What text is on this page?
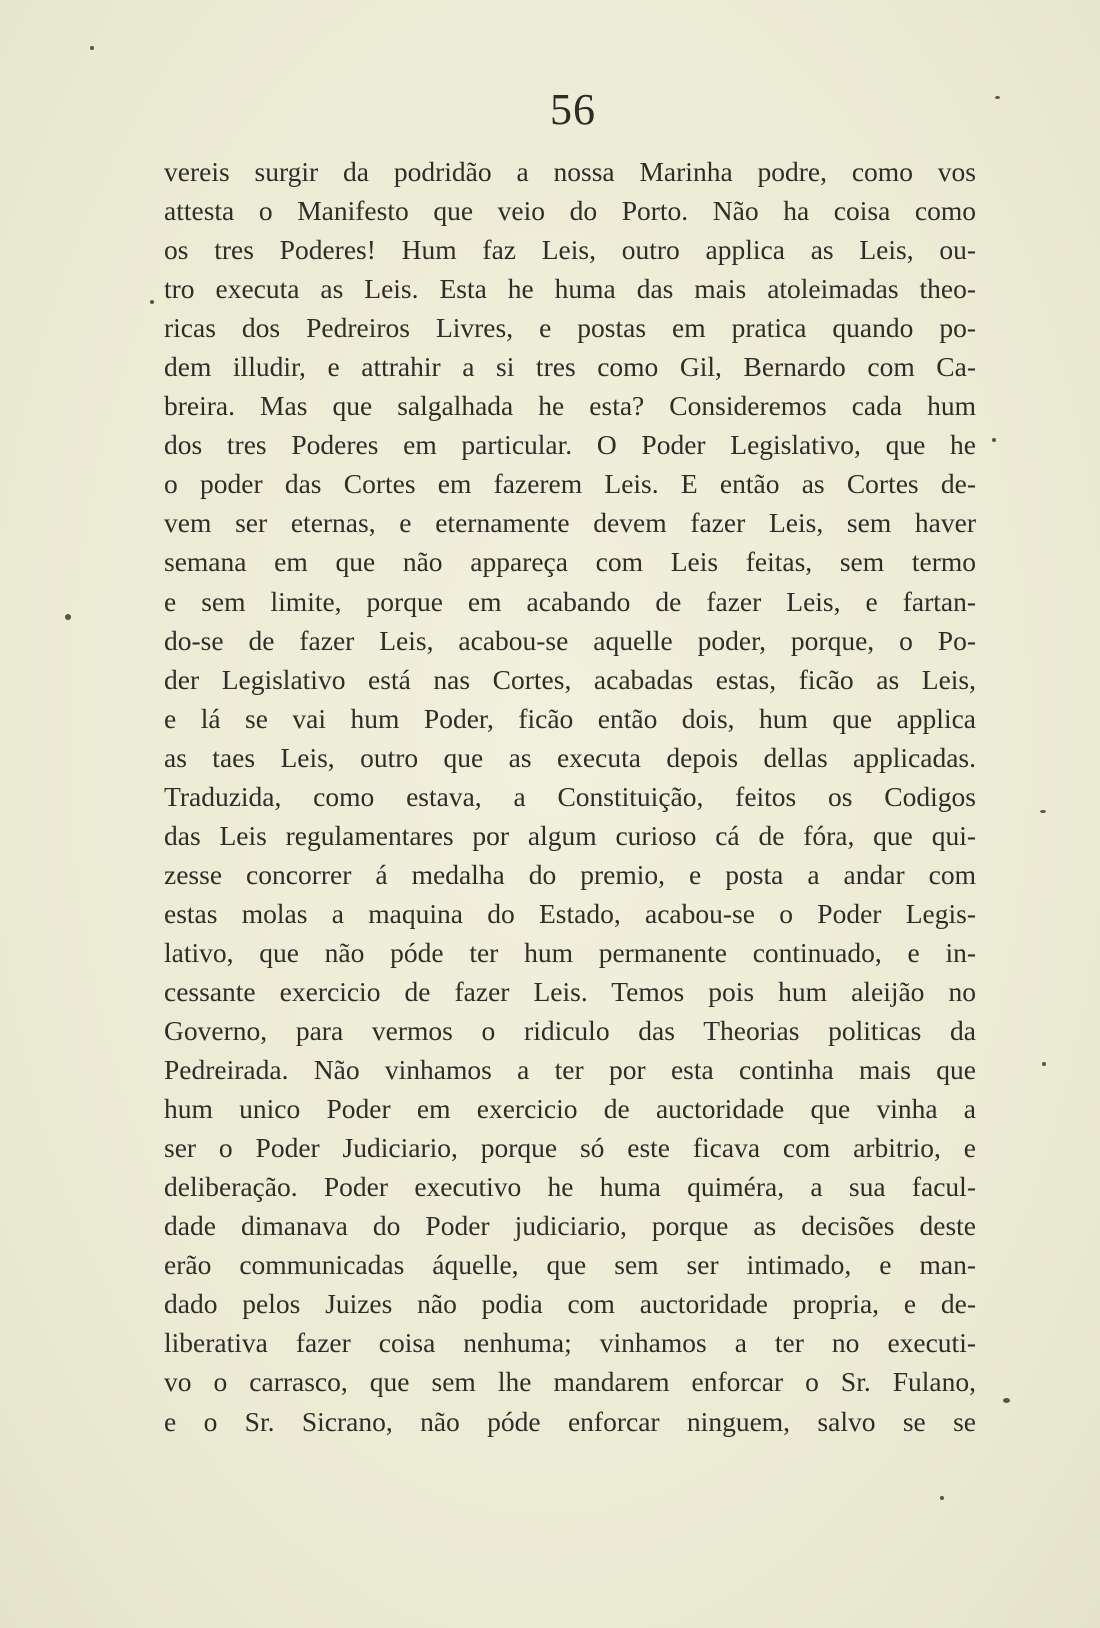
56
vereis surgir da podridão a nossa Marinha podre, como vos
attesta o Manifesto que veio do Porto. Não ha coisa como
os tres Poderes! Hum faz Leis, outro applica as Leis, ou-
tro executa as Leis. Esta he huma das mais atoleimadas theo-
ricas dos Pedreiros Livres, e postas em pratica quando po-
dem illudir, e attrahir a si tres como Gil, Bernardo com Ca-
breira. Mas que salgalhada he esta? Consideremos cada hum
dos tres Poderes em particular. O Poder Legislativo, que he
o poder das Cortes em fazerem Leis. E então as Cortes de-
vem ser eternas, e eternamente devem fazer Leis, sem haver
semana em que não appareça com Leis feitas, sem termo
e sem limite, porque em acabando de fazer Leis, e fartan-
do-se de fazer Leis, acabou-se aquelle poder, porque, o Po-
der Legislativo está nas Cortes, acabadas estas, ficão as Leis,
e lá se vai hum Poder, ficão então dois, hum que applica
as taes Leis, outro que as executa depois dellas applicadas.
Traduzida, como estava, a Constituição, feitos os Codigos
das Leis regulamentares por algum curioso cá de fóra, que qui-
zesse concorrer á medalha do premio, e posta a andar com
estas molas a maquina do Estado, acabou-se o Poder Legis-
lativo, que não póde ter hum permanente continuado, e in-
cessante exercicio de fazer Leis. Temos pois hum aleijão no
Governo, para vermos o ridiculo das Theorias politicas da
Pedreirada. Não vinhamos a ter por esta continha mais que
hum unico Poder em exercicio de auctoridade que vinha a
ser o Poder Judiciario, porque só este ficava com arbitrio, e
deliberação. Poder executivo he huma quiméra, a sua facul-
dade dimanava do Poder judiciario, porque as decisões deste
erão communicadas áquelle, que sem ser intimado, e man-
dado pelos Juizes não podia com auctoridade propria, e de-
liberativa fazer coisa nenhuma; vinhamos a ter no executi-
vo o carrasco, que sem lhe mandarem enforcar o Sr. Fulano,
e o Sr. Sicrano, não póde enforcar ninguem, salvo se se
